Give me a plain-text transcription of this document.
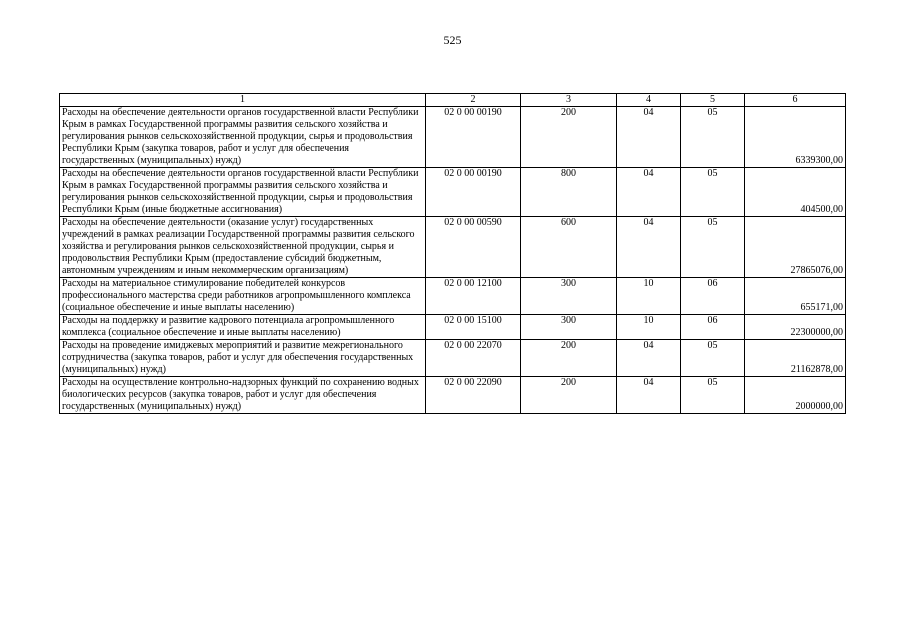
525
1	2	3	4	5	6
Расходы на обеспечение деятельности органов государственной власти Республики Крым в рамках Государственной программы развития сельского хозяйства и регулирования рынков сельскохозяйственной продукции, сырья и продовольствия Республики Крым (закупка товаров, работ и услуг для обеспечения государственных (муниципальных) нужд)	02 0 00 00190	200	04	05	6339300,00
Расходы на обеспечение деятельности органов государственной власти Республики Крым в рамках Государственной программы развития сельского хозяйства и регулирования рынков сельскохозяйственной продукции, сырья и продовольствия Республики Крым (иные бюджетные ассигнования)	02 0 00 00190	800	04	05	404500,00
Расходы на обеспечение деятельности (оказание услуг) государственных учреждений в рамках реализации Государственной программы развития сельского хозяйства и регулирования рынков сельскохозяйственной продукции, сырья и продовольствия Республики Крым (предоставление субсидий бюджетным, автономным учреждениям и иным некоммерческим организациям)	02 0 00 00590	600	04	05	27865076,00
Расходы на материальное стимулирование победителей конкурсов профессионального мастерства среди работников агропромышленного комплекса (социальное обеспечение и иные выплаты населению)	02 0 00 12100	300	10	06	655171,00
Расходы на поддержку и развитие кадрового потенциала агропромышленного комплекса (социальное обеспечение и иные выплаты населению)	02 0 00 15100	300	10	06	22300000,00
Расходы на проведение имиджевых мероприятий и развитие межрегионального сотрудничества (закупка товаров, работ и услуг для обеспечения государственных (муниципальных) нужд)	02 0 00 22070	200	04	05	21162878,00
Расходы на осуществление контрольно-надзорных функций по сохранению водных биологических ресурсов (закупка товаров, работ и услуг для обеспечения государственных (муниципальных) нужд)	02 0 00 22090	200	04	05	2000000,00
